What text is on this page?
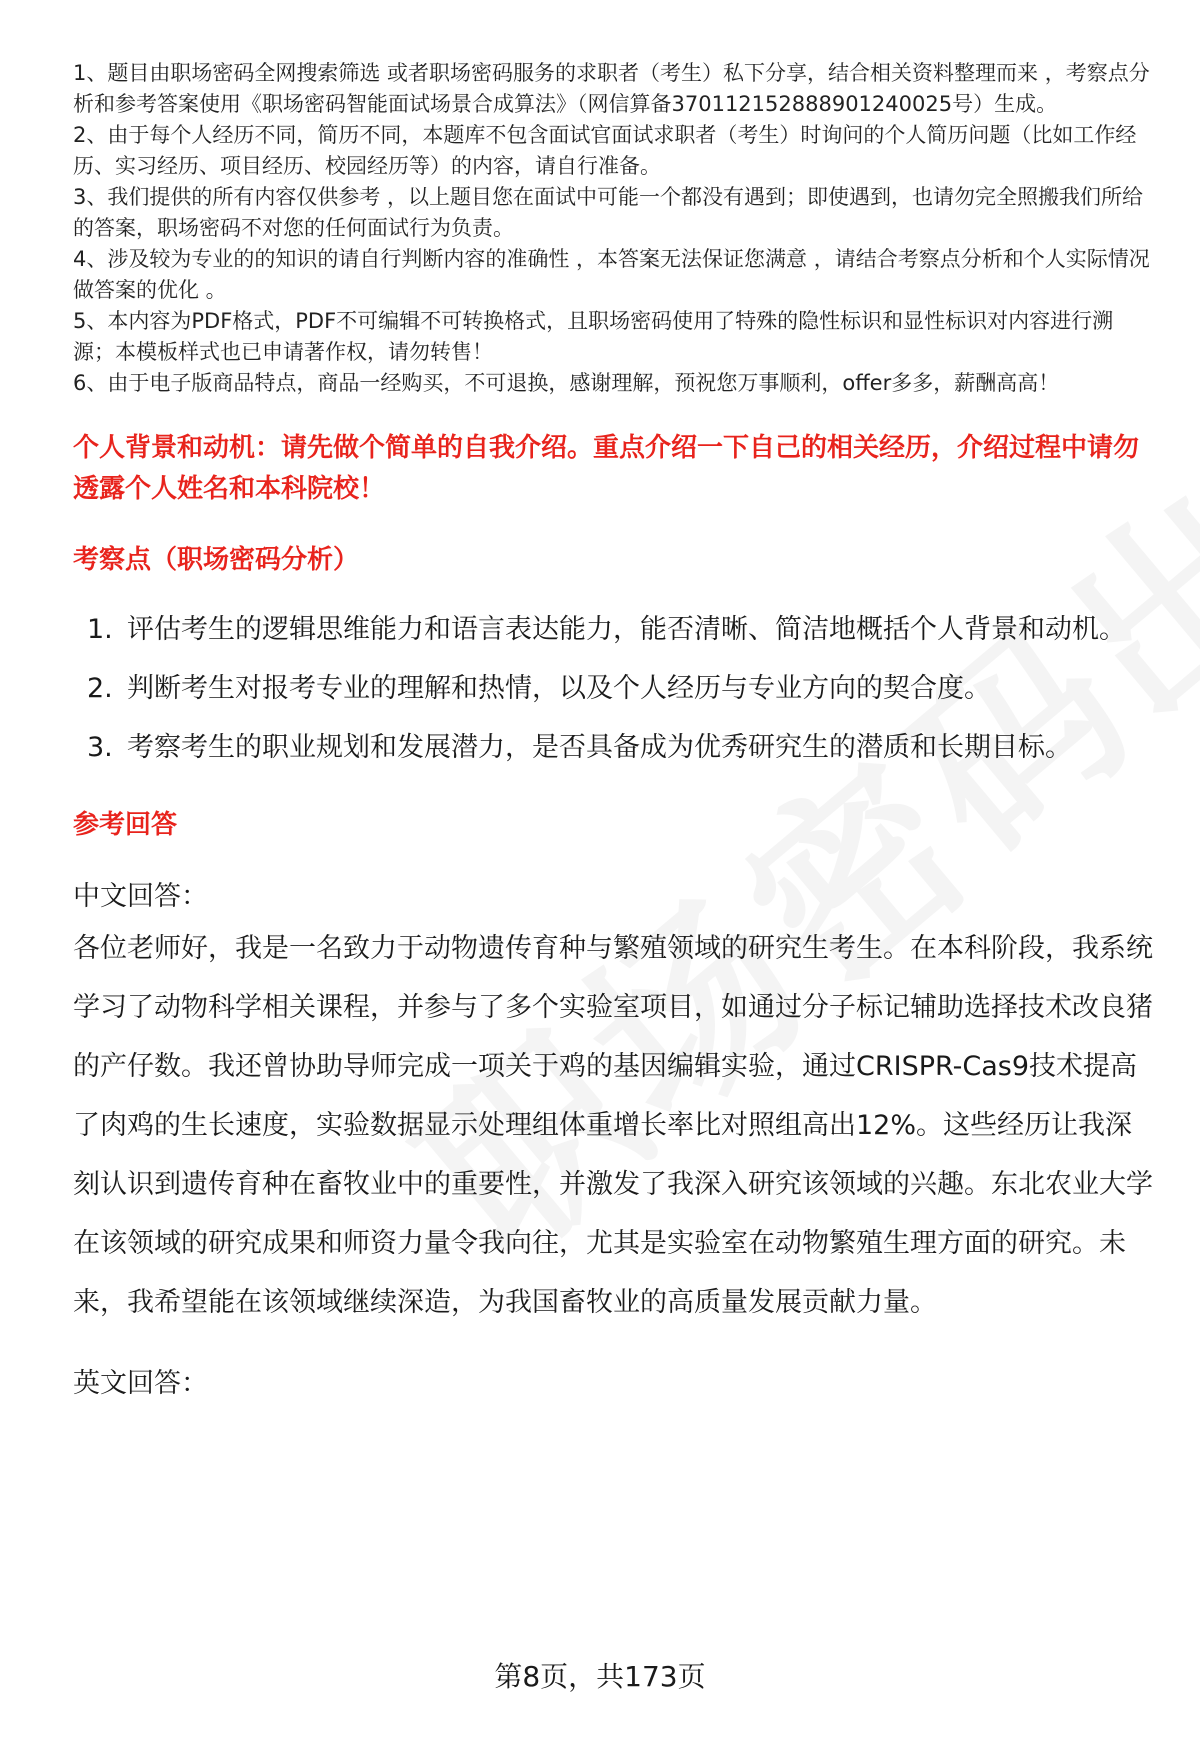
1、题目由职场密码全网搜索筛选 或者职场密码服务的求职者（考生）私下分享，结合相关资料整理而来 ，考察点分析和参考答案使用《职场密码智能面试场景合成算法》（网信算备370112152888901240025号）生成。

2、由于每个人经历不同，简历不同，本题库不包含面试官面试求职者（考生）时询问的个人简历问题（比如工作经历、实习经历、项目经历、校园经历等）的内容，请自行准备。

3、我们提供的所有内容仅供参考 ，以上题目您在面试中可能一个都没有遇到；即使遇到，也请勿完全照搬我们所给的答案，职场密码不对您的任何面试行为负责。

4、涉及较为专业的的知识的请自行判断内容的准确性 ，本答案无法保证您满意 ，请结合考察点分析和个人实际情况做答案的优化 。

5、本内容为PDF格式，PDF不可编辑不可转换格式，且职场密码使用了特殊的隐性标识和显性标识对内容进行溯源；本模板样式也已申请著作权，请勿转售！

6、由于电子版商品特点，商品一经购买，不可退换，感谢理解，预祝您万事顺利，offer多多，薪酬高高！

个人背景和动机：请先做个简单的自我介绍。重点介绍一下自己的相关经历，介绍过程中请勿透露个人姓名和本科院校！

考察点（职场密码分析）

1. 评估考生的逻辑思维能力和语言表达能力，能否清晰、简洁地概括个人背景和动机。
2. 判断考生对报考专业的理解和热情，以及个人经历与专业方向的契合度。
3. 考察考生的职业规划和发展潜力，是否具备成为优秀研究生的潜质和长期目标。

参考回答

中文回答：

各位老师好，我是一名致力于动物遗传育种与繁殖领域的研究生考生。在本科阶段，我系统学习了动物科学相关课程，并参与了多个实验室项目，如通过分子标记辅助选择技术改良猪的产仔数。我还曾协助导师完成一项关于鸡的基因编辑实验，通过CRISPR-Cas9技术提高了肉鸡的生长速度，实验数据显示处理组体重增长率比对照组高出12%。这些经历让我深刻认识到遗传育种在畜牧业中的重要性，并激发了我深入研究该领域的兴趣。东北农业大学在该领域的研究成果和师资力量令我向往，尤其是实验室在动物繁殖生理方面的研究。未来，我希望能在该领域继续深造，为我国畜牧业的高质量发展贡献力量。

英文回答：

第8页，共173页
